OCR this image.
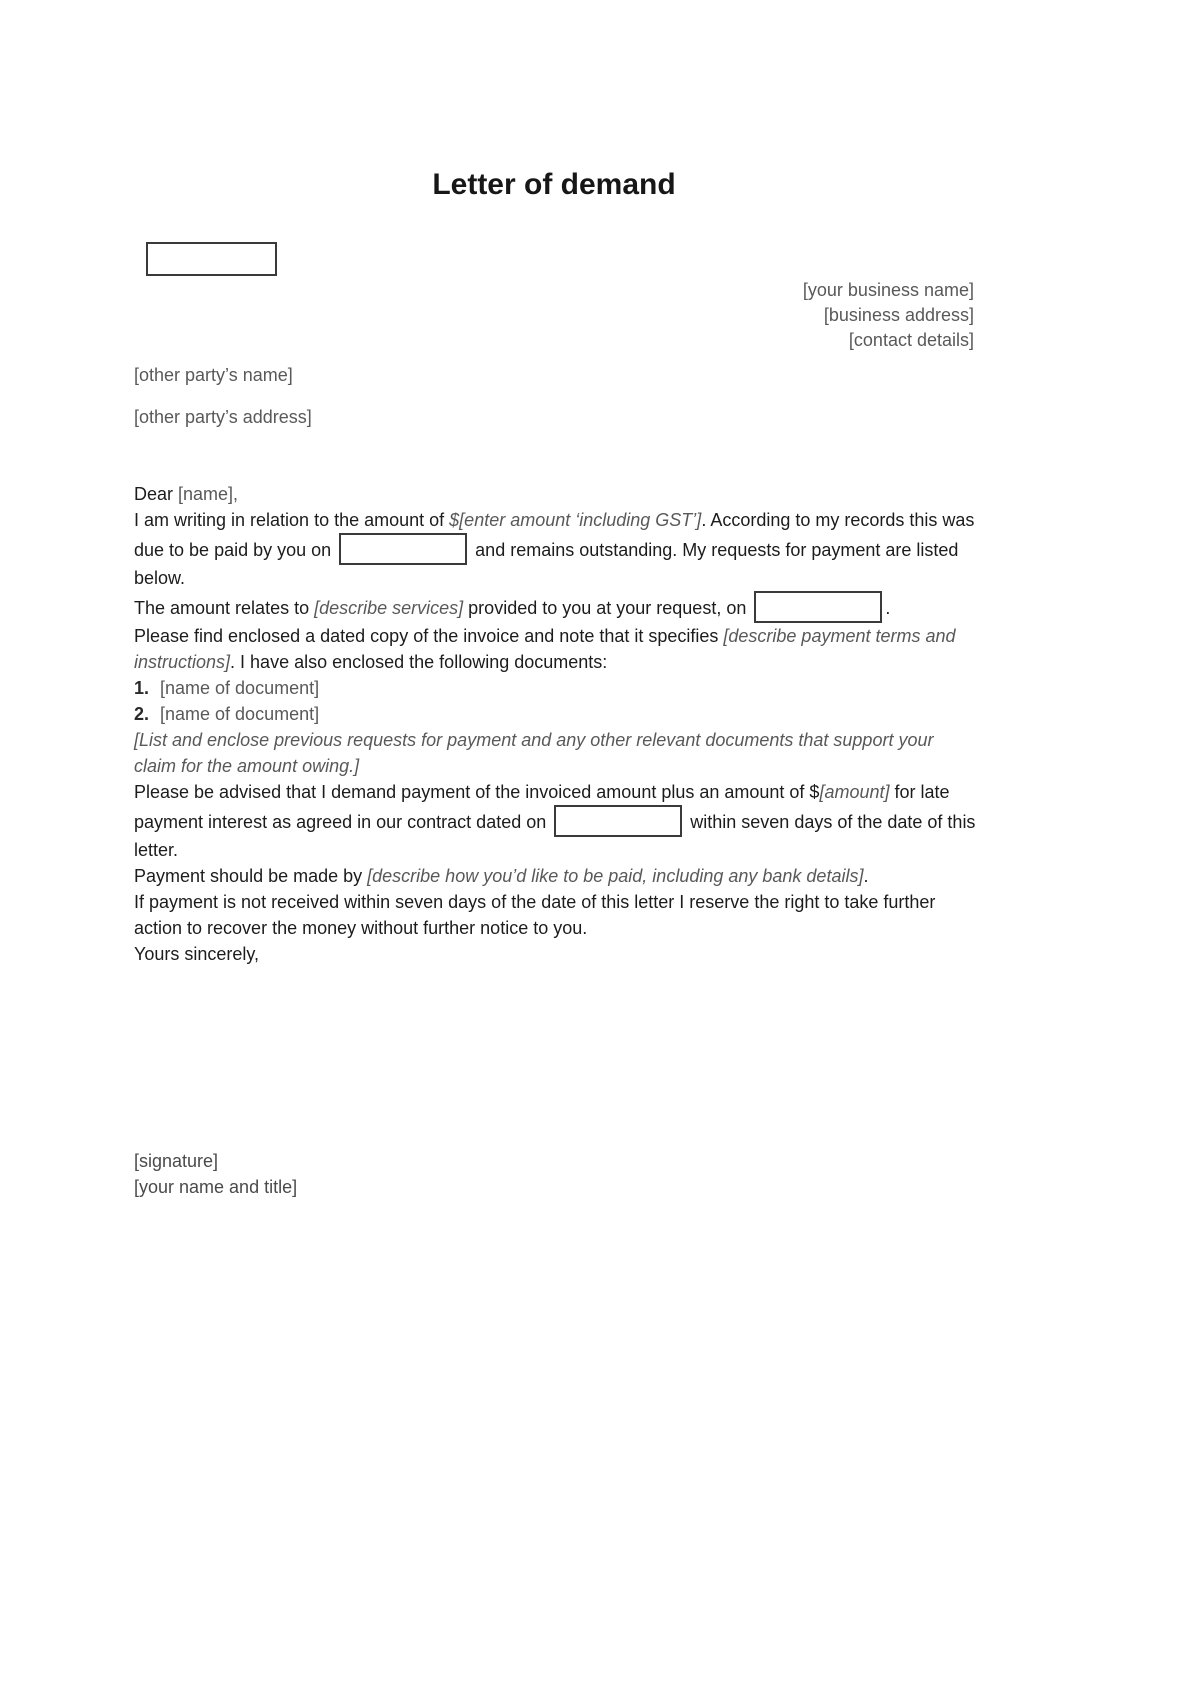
Letter of demand
[your business name]
[business address]
[contact details]
[other party’s name]
[other party’s address]

Dear [name],

I am writing in relation to the amount of $[enter amount ‘including GST’]. According to my records this was due to be paid by you on	and remains outstanding. My requests for payment are listed below.

The amount relates to [describe services] provided to you at your request, on	.

Please find enclosed a dated copy of the invoice and note that it specifies [describe payment terms and instructions]. I have also enclosed the following documents:

1. [name of document]
2. [name of document]

[List and enclose previous requests for payment and any other relevant documents that support your claim for the amount owing.]

Please be advised that I demand payment of the invoiced amount plus an amount of $[amount] for late payment interest as agreed in our contract dated on	within seven days of the date of this letter.

Payment should be made by [describe how you’d like to be paid, including any bank details].

If payment is not received within seven days of the date of this letter I reserve the right to take further action to recover the money without further notice to you.

Yours sincerely,

[signature]
[your name and title]
